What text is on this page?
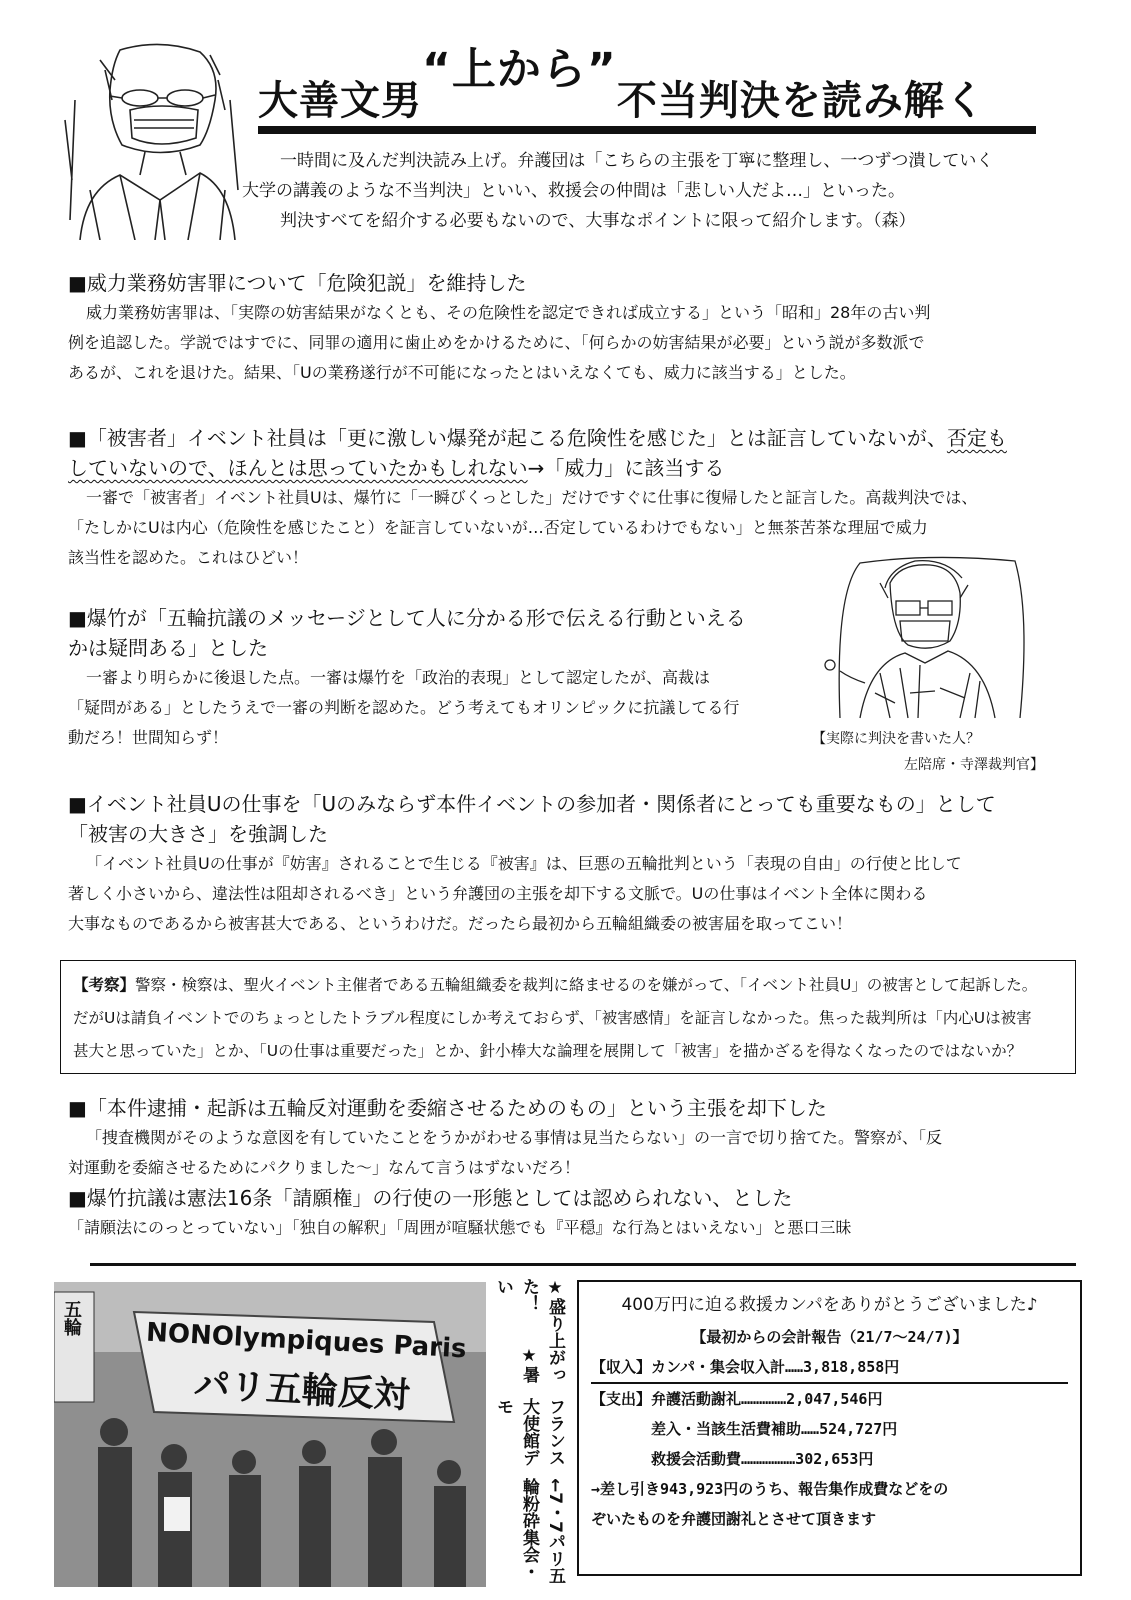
大善文男“上から”不当判決を読み解く

一時間に及んだ判決読み上げ。弁護団は「こちらの主張を丁寧に整理し、一つずつ潰していく

大学の講義のような不当判決」といい、救援会の仲間は「悲しい人だよ…」といった。

判決すべてを紹介する必要もないので、大事なポイントに限って紹介します。（森）

■威力業務妨害罪について「危険犯説」を維持した

威力業務妨害罪は、「実際の妨害結果がなくとも、その危険性を認定できれば成立する」という「昭和」28年の古い判

例を追認した。学説ではすでに、同罪の適用に歯止めをかけるために、「何らかの妨害結果が必要」という説が多数派で

あるが、これを退けた。結果、「Uの業務遂行が不可能になったとはいえなくても、威力に該当する」とした。

■「被害者」イベント社員は「更に激しい爆発が起こる危険性を感じた」とは証言していないが、否定も

していないので、ほんとは思っていたかもしれない→「威力」に該当する

一審で「被害者」イベント社員Uは、爆竹に「一瞬びくっとした」だけですぐに仕事に復帰したと証言した。高裁判決では、

「たしかにUは内心（危険性を感じたこと）を証言していないが…否定しているわけでもない」と無茶苦茶な理屈で威力

該当性を認めた。これはひどい！

【実際に判決を書いた人？

左陪席・寺澤裁判官】

■爆竹が「五輪抗議のメッセージとして人に分かる形で伝える行動といえる

かは疑問ある」とした

一審より明らかに後退した点。一審は爆竹を「政治的表現」として認定したが、高裁は

「疑問がある」としたうえで一審の判断を認めた。どう考えてもオリンピックに抗議してる行

動だろ！世間知らず！

■イベント社員Uの仕事を「Uのみならず本件イベントの参加者・関係者にとっても重要なもの」として

「被害の大きさ」を強調した

「イベント社員Uの仕事が『妨害』されることで生じる『被害』は、巨悪の五輪批判という「表現の自由」の行使と比して

著しく小さいから、違法性は阻却されるべき」という弁護団の主張を却下する文脈で。Uの仕事はイベント全体に関わる

大事なものであるから被害甚大である、というわけだ。だったら最初から五輪組織委の被害届を取ってこい！

【考察】警察・検察は、聖火イベント主催者である五輪組織委を裁判に絡ませるのを嫌がって、「イベント社員U」の被害として起訴した。

だがUは請負イベントでのちょっとしたトラブル程度にしか考えておらず、「被害感情」を証言しなかった。焦った裁判所は「内心Uは被害

甚大と思っていた」とか、「Uの仕事は重要だった」とか、針小棒大な論理を展開して「被害」を描かざるを得なくなったのではないか？

■「本件逮捕・起訴は五輪反対運動を委縮させるためのもの」という主張を却下した

「捜査機関がそのような意図を有していたことをうかがわせる事情は見当たらない」の一言で切り捨てた。警察が、「反

対運動を委縮させるためにパクりました～」なんて言うはずないだろ！

■爆竹抗議は憲法16条「請願権」の行使の一形態としては認められない、とした

「請願法にのっとっていない」「独自の解釈」「周囲が喧騒状態でも『平穏』な行為とはいえない」と悪口三昧

NONOlympiques Paris
パリ五輪反対
五輪
←7・7パリ五輪粉砕集会・
フランス大使館デモ
★盛り上がった！★暑い

400万円に迫る救援カンパをありがとうございました♪

【最初からの会計報告（21/7～24/7)】

【収入】カンパ・集会収入計……3,818,858円

【支出】弁護活動謝礼……………2,047,546円

差入・当該生活費補助……524,727円

救援会活動費………………302,653円

→差し引き943,923円のうち、報告集作成費などをの

ぞいたものを弁護団謝礼とさせて頂きます
